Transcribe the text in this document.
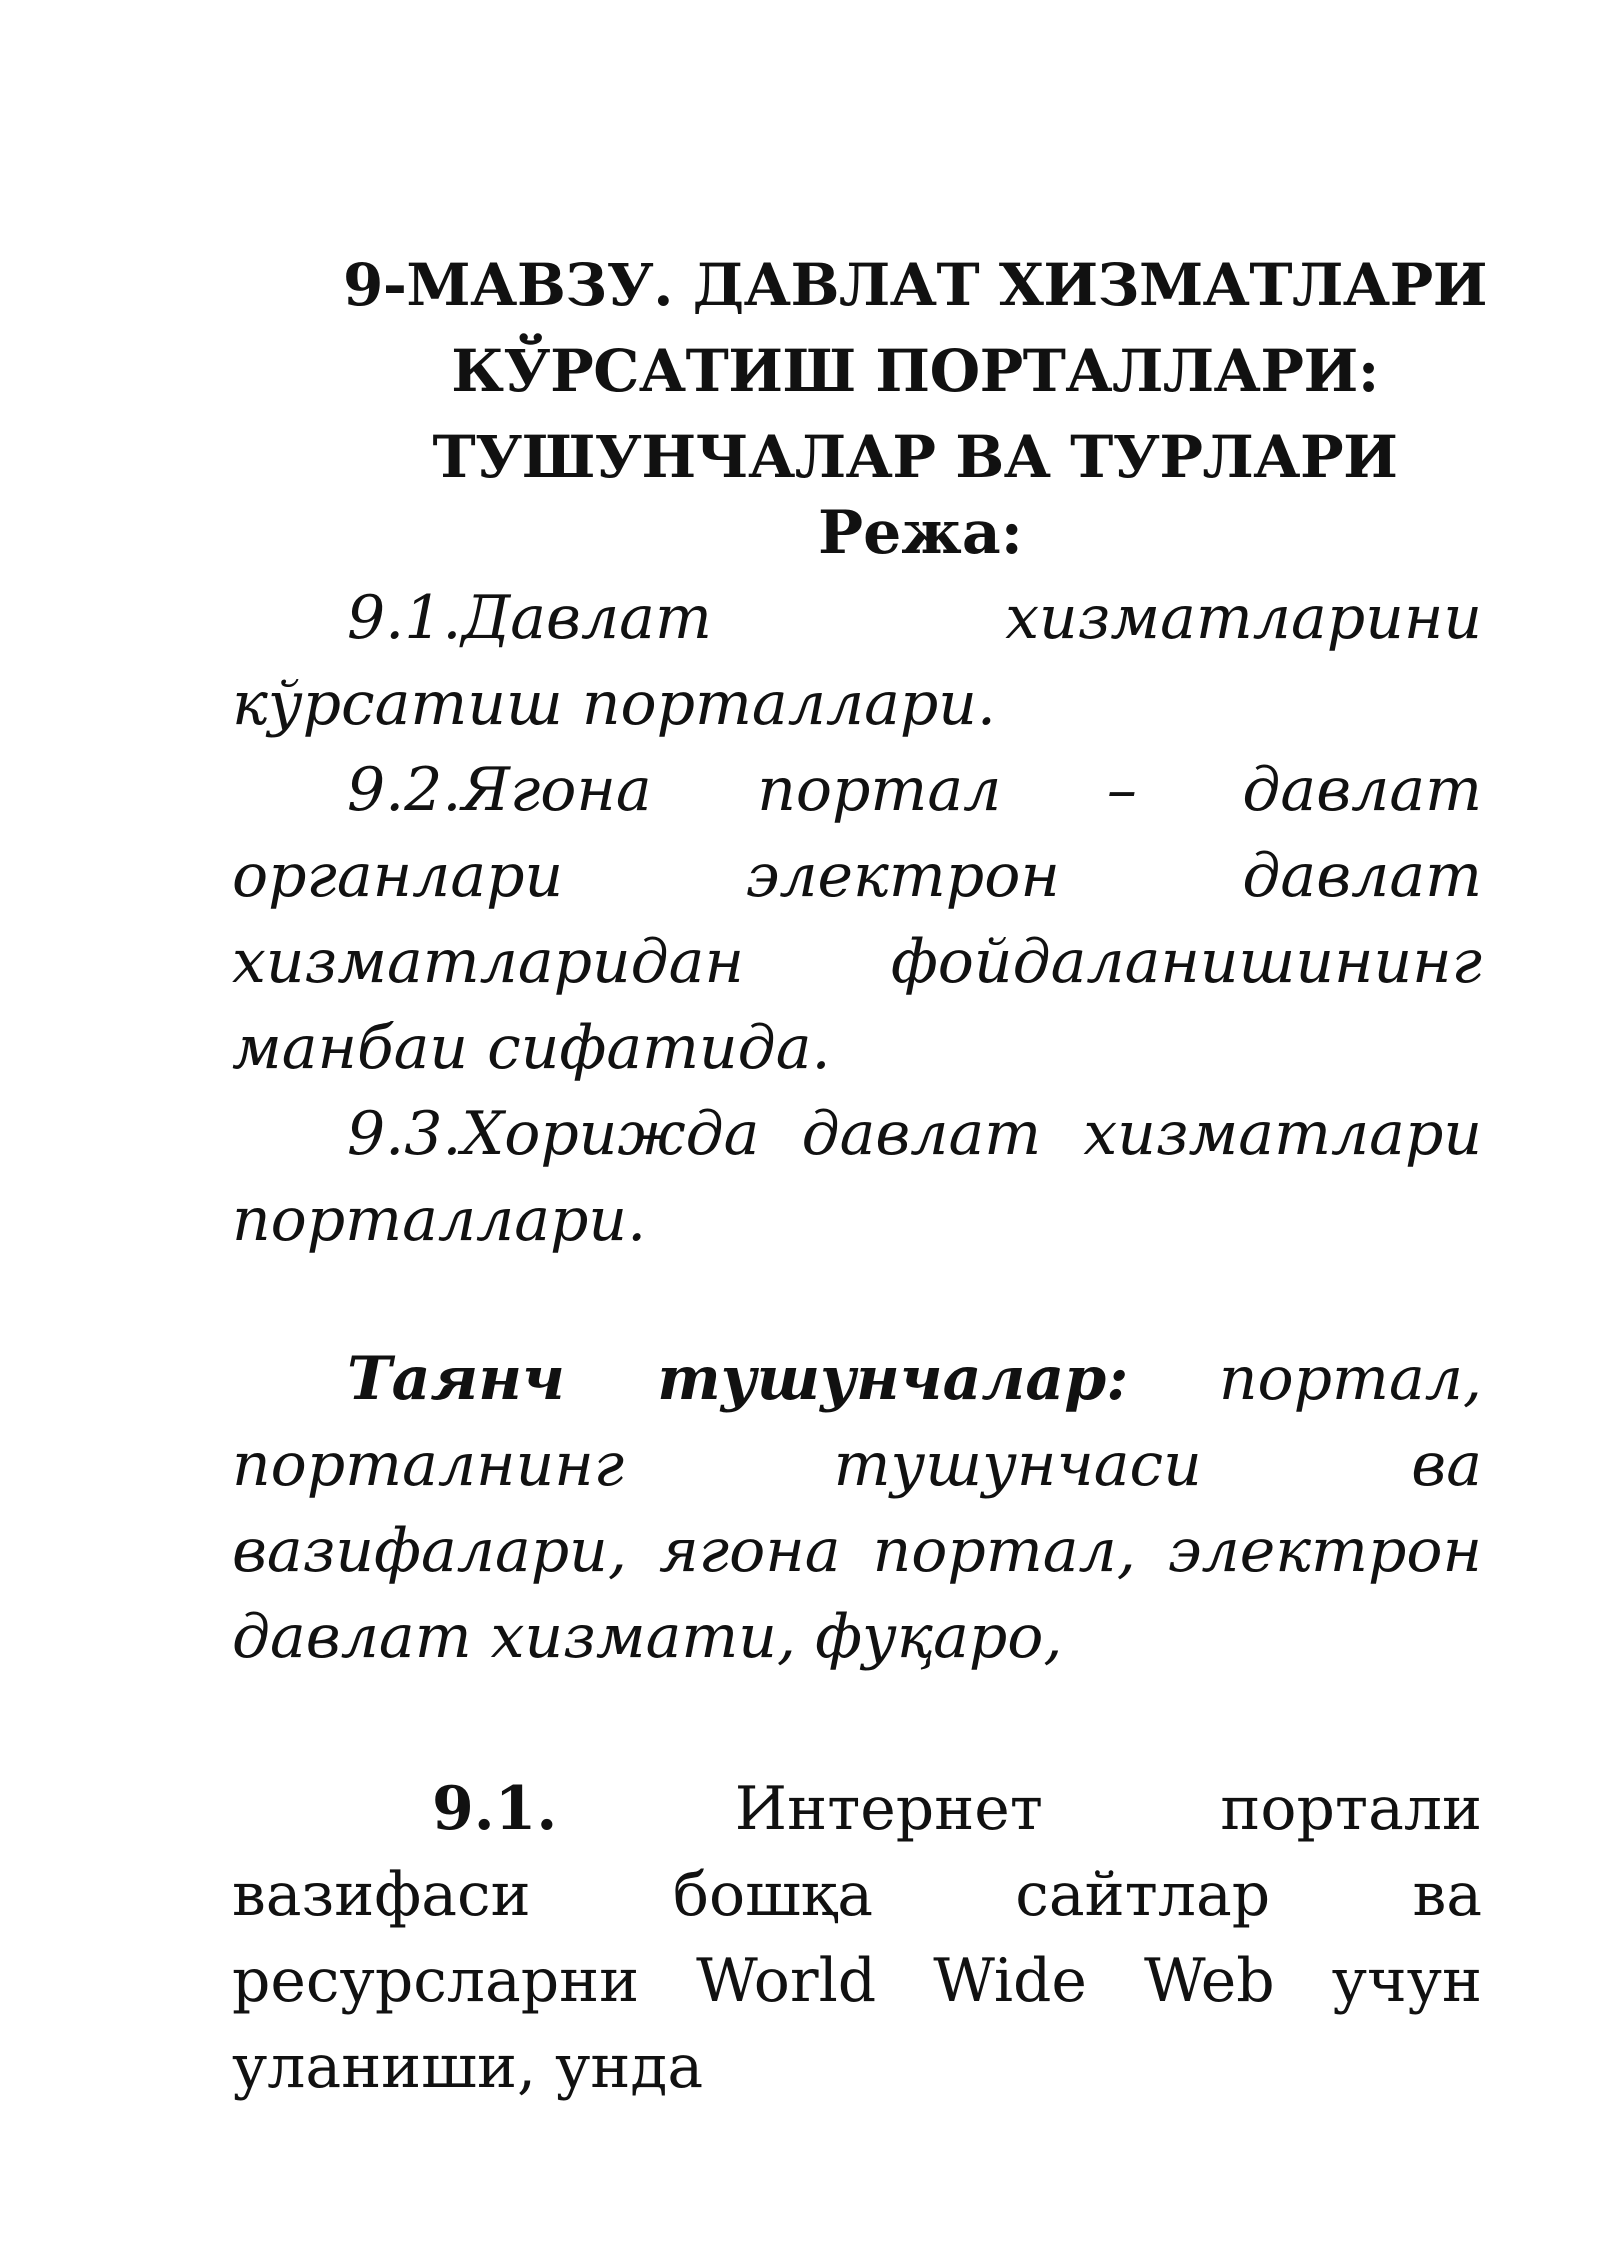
9-МАВЗУ. ДАВЛАТ ХИЗМАТЛАРИ
КЎРСАТИШ ПОРТАЛЛАРИ:
ТУШУНЧАЛАР ВА ТУРЛАРИ
Режа:

9.1.Давлат хизматларини кўрсатиш порталлари.

9.2.Ягона портал – давлат органлари электрон давлат хизматларидан фойдаланишининг манбаи сифатида.

9.3.Хорижда давлат хизматлари порталлари.

Таянч тушунчалар: портал, порталнинг тушунчаси ва вазифалари, ягона портал, электрон давлат хизмати, фуқаро,

9.1. Интернет портали вазифаси бошқа сайтлар ва ресурсларни World Wide Web учун уланиши, унда
